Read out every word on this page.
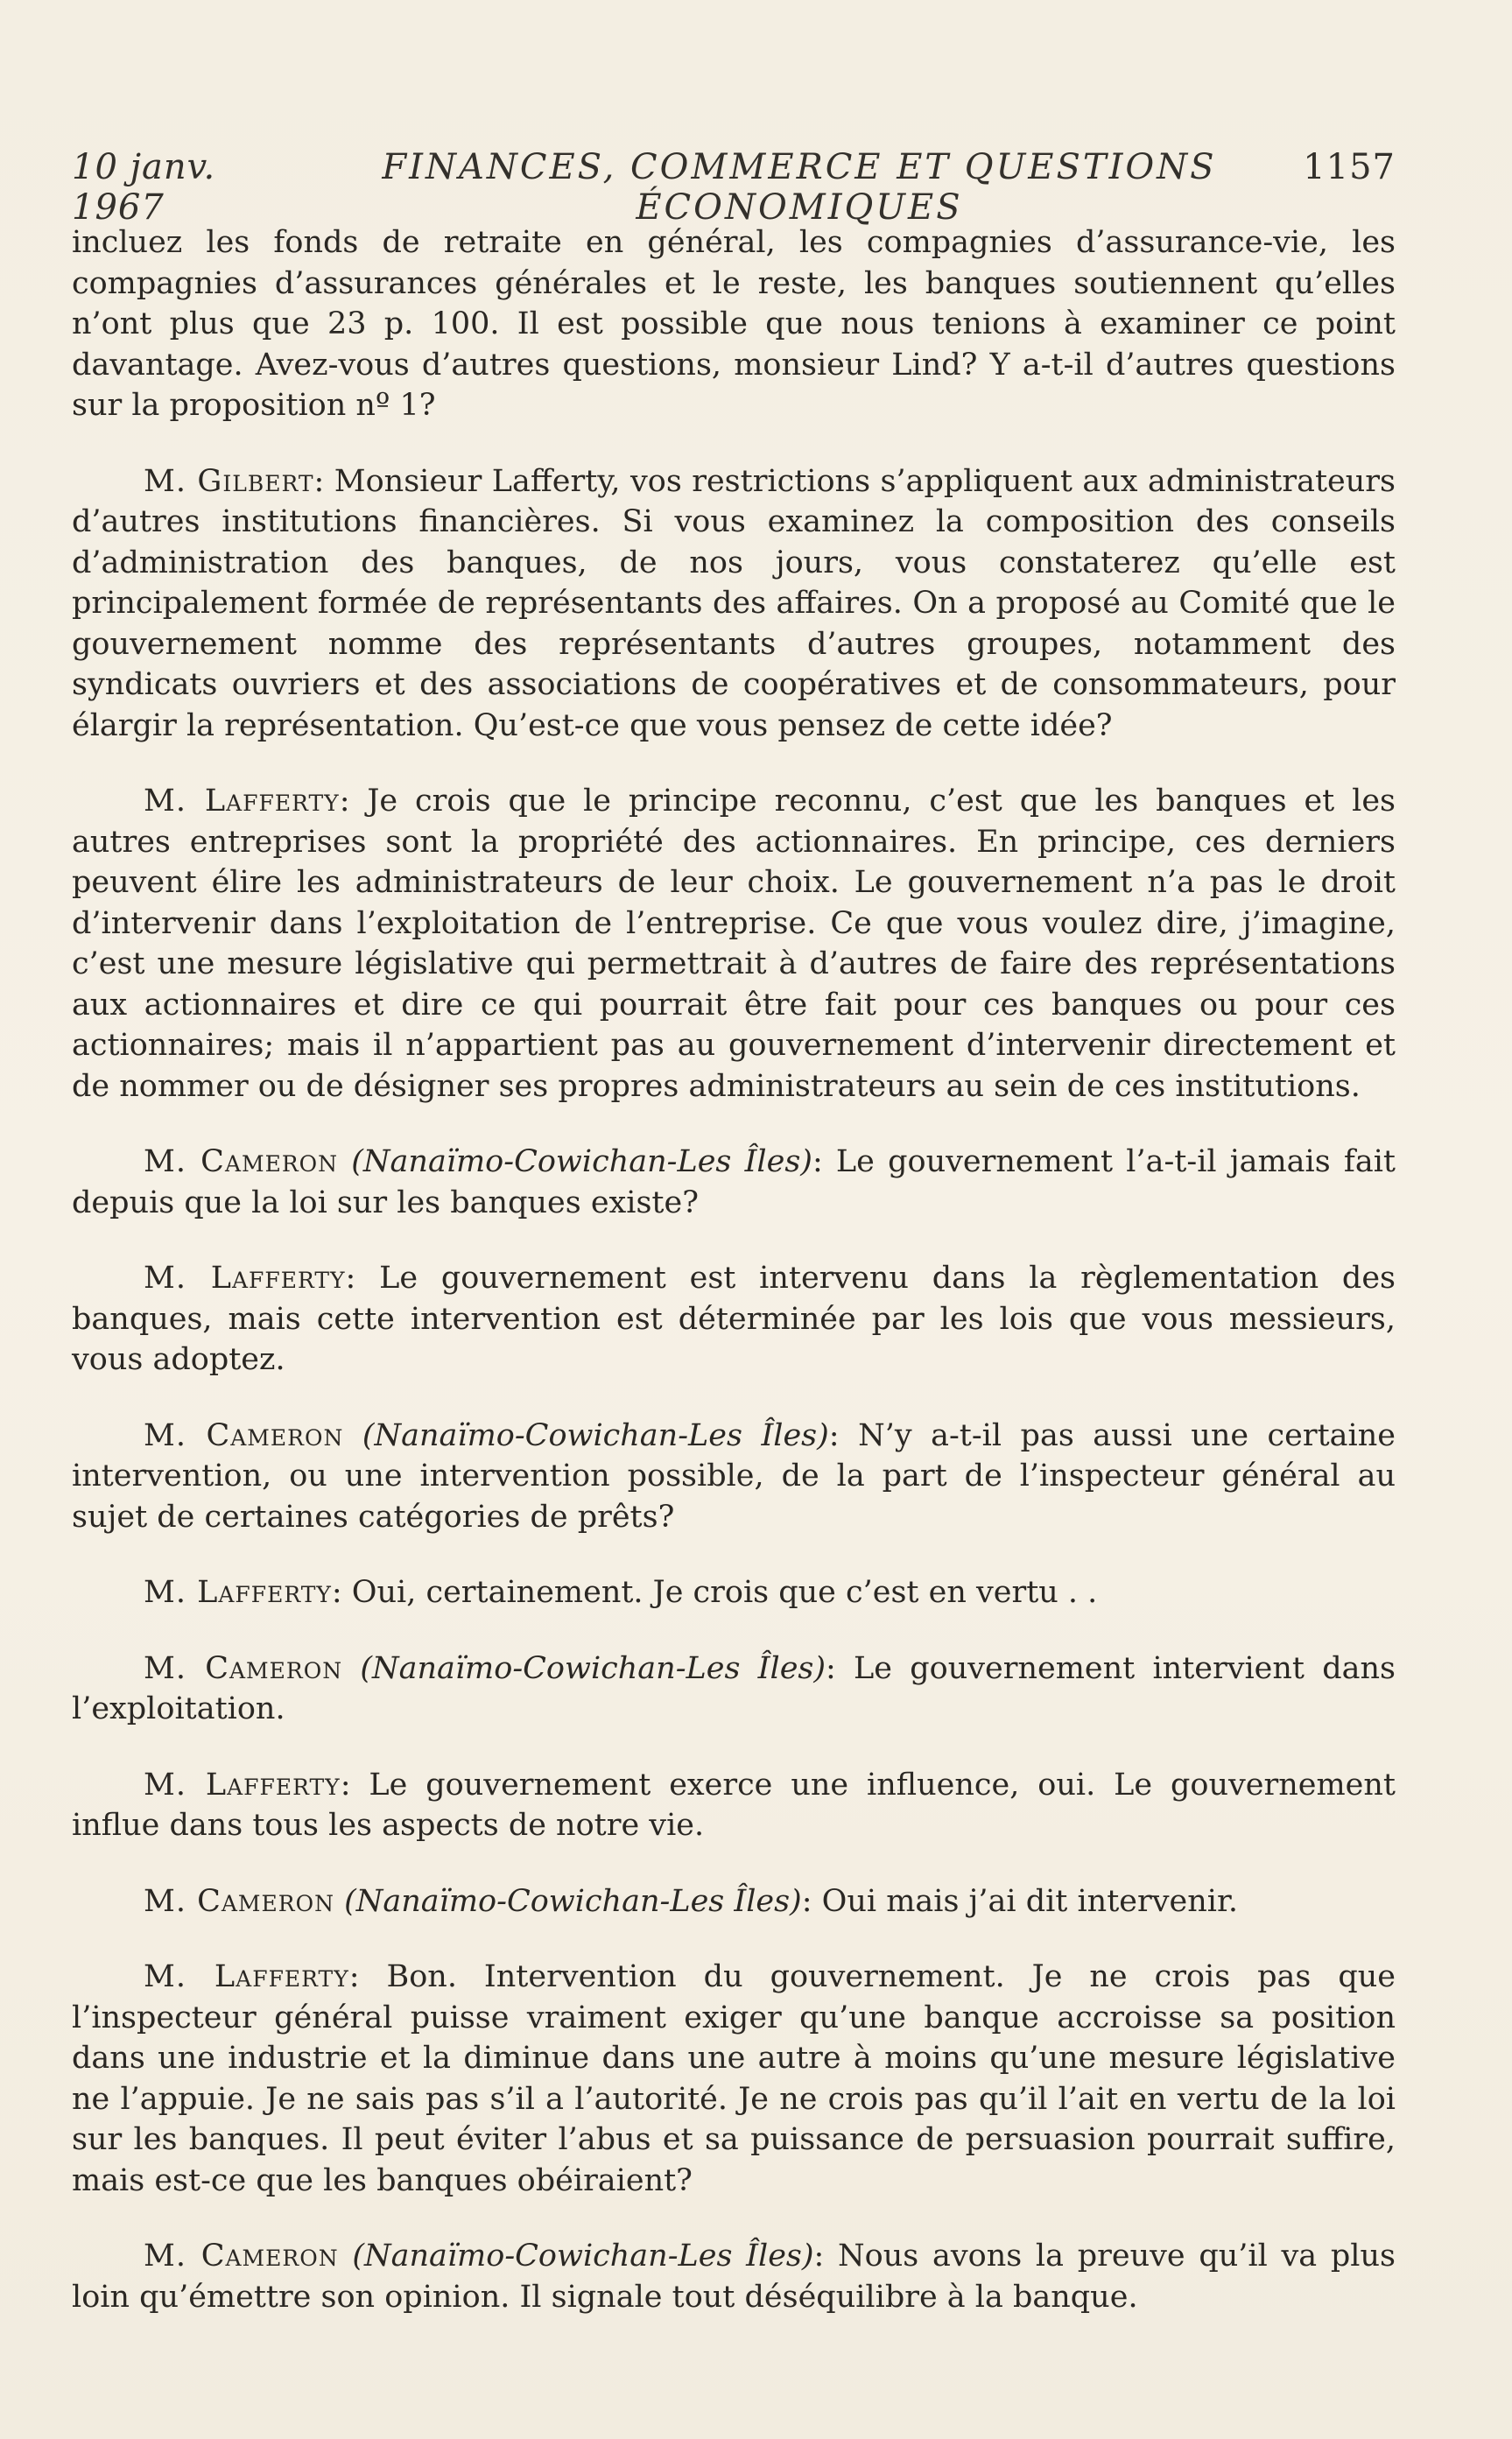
10 janv. 1967
FINANCES, COMMERCE ET QUESTIONS ÉCONOMIQUES
1157

incluez les fonds de retraite en général, les compagnies d’assurance-vie, les compagnies d’assurances générales et le reste, les banques soutiennent qu’elles n’ont plus que 23 p. 100. Il est possible que nous tenions à examiner ce point davantage. Avez-vous d’autres questions, monsieur Lind? Y a-t-il d’autres questions sur la proposition nº 1?

M. Gilbert: Monsieur Lafferty, vos restrictions s’appliquent aux administrateurs d’autres institutions financières. Si vous examinez la composition des conseils d’administration des banques, de nos jours, vous constaterez qu’elle est principalement formée de représentants des affaires. On a proposé au Comité que le gouvernement nomme des représentants d’autres groupes, notamment des syndicats ouvriers et des associations de coopératives et de consommateurs, pour élargir la représentation. Qu’est-ce que vous pensez de cette idée?

M. Lafferty: Je crois que le principe reconnu, c’est que les banques et les autres entreprises sont la propriété des actionnaires. En principe, ces derniers peuvent élire les administrateurs de leur choix. Le gouvernement n’a pas le droit d’intervenir dans l’exploitation de l’entreprise. Ce que vous voulez dire, j’imagine, c’est une mesure législative qui permettrait à d’autres de faire des représentations aux actionnaires et dire ce qui pourrait être fait pour ces banques ou pour ces actionnaires; mais il n’appartient pas au gouvernement d’intervenir directement et de nommer ou de désigner ses propres administrateurs au sein de ces institutions.

M. Cameron (Nanaïmo-Cowichan-Les Îles): Le gouvernement l’a-t-il jamais fait depuis que la loi sur les banques existe?

M. Lafferty: Le gouvernement est intervenu dans la règlementation des banques, mais cette intervention est déterminée par les lois que vous messieurs, vous adoptez.

M. Cameron (Nanaïmo-Cowichan-Les Îles): N’y a-t-il pas aussi une certaine intervention, ou une intervention possible, de la part de l’inspecteur général au sujet de certaines catégories de prêts?

M. Lafferty: Oui, certainement. Je crois que c’est en vertu . .

M. Cameron (Nanaïmo-Cowichan-Les Îles): Le gouvernement intervient dans l’exploitation.

M. Lafferty: Le gouvernement exerce une influence, oui. Le gouvernement influe dans tous les aspects de notre vie.

M. Cameron (Nanaïmo-Cowichan-Les Îles): Oui mais j’ai dit intervenir.

M. Lafferty: Bon. Intervention du gouvernement. Je ne crois pas que l’inspecteur général puisse vraiment exiger qu’une banque accroisse sa position dans une industrie et la diminue dans une autre à moins qu’une mesure législative ne l’appuie. Je ne sais pas s’il a l’autorité. Je ne crois pas qu’il l’ait en vertu de la loi sur les banques. Il peut éviter l’abus et sa puissance de persuasion pourrait suffire, mais est-ce que les banques obéiraient?

M. Cameron (Nanaïmo-Cowichan-Les Îles): Nous avons la preuve qu’il va plus loin qu’émettre son opinion. Il signale tout déséquilibre à la banque.
